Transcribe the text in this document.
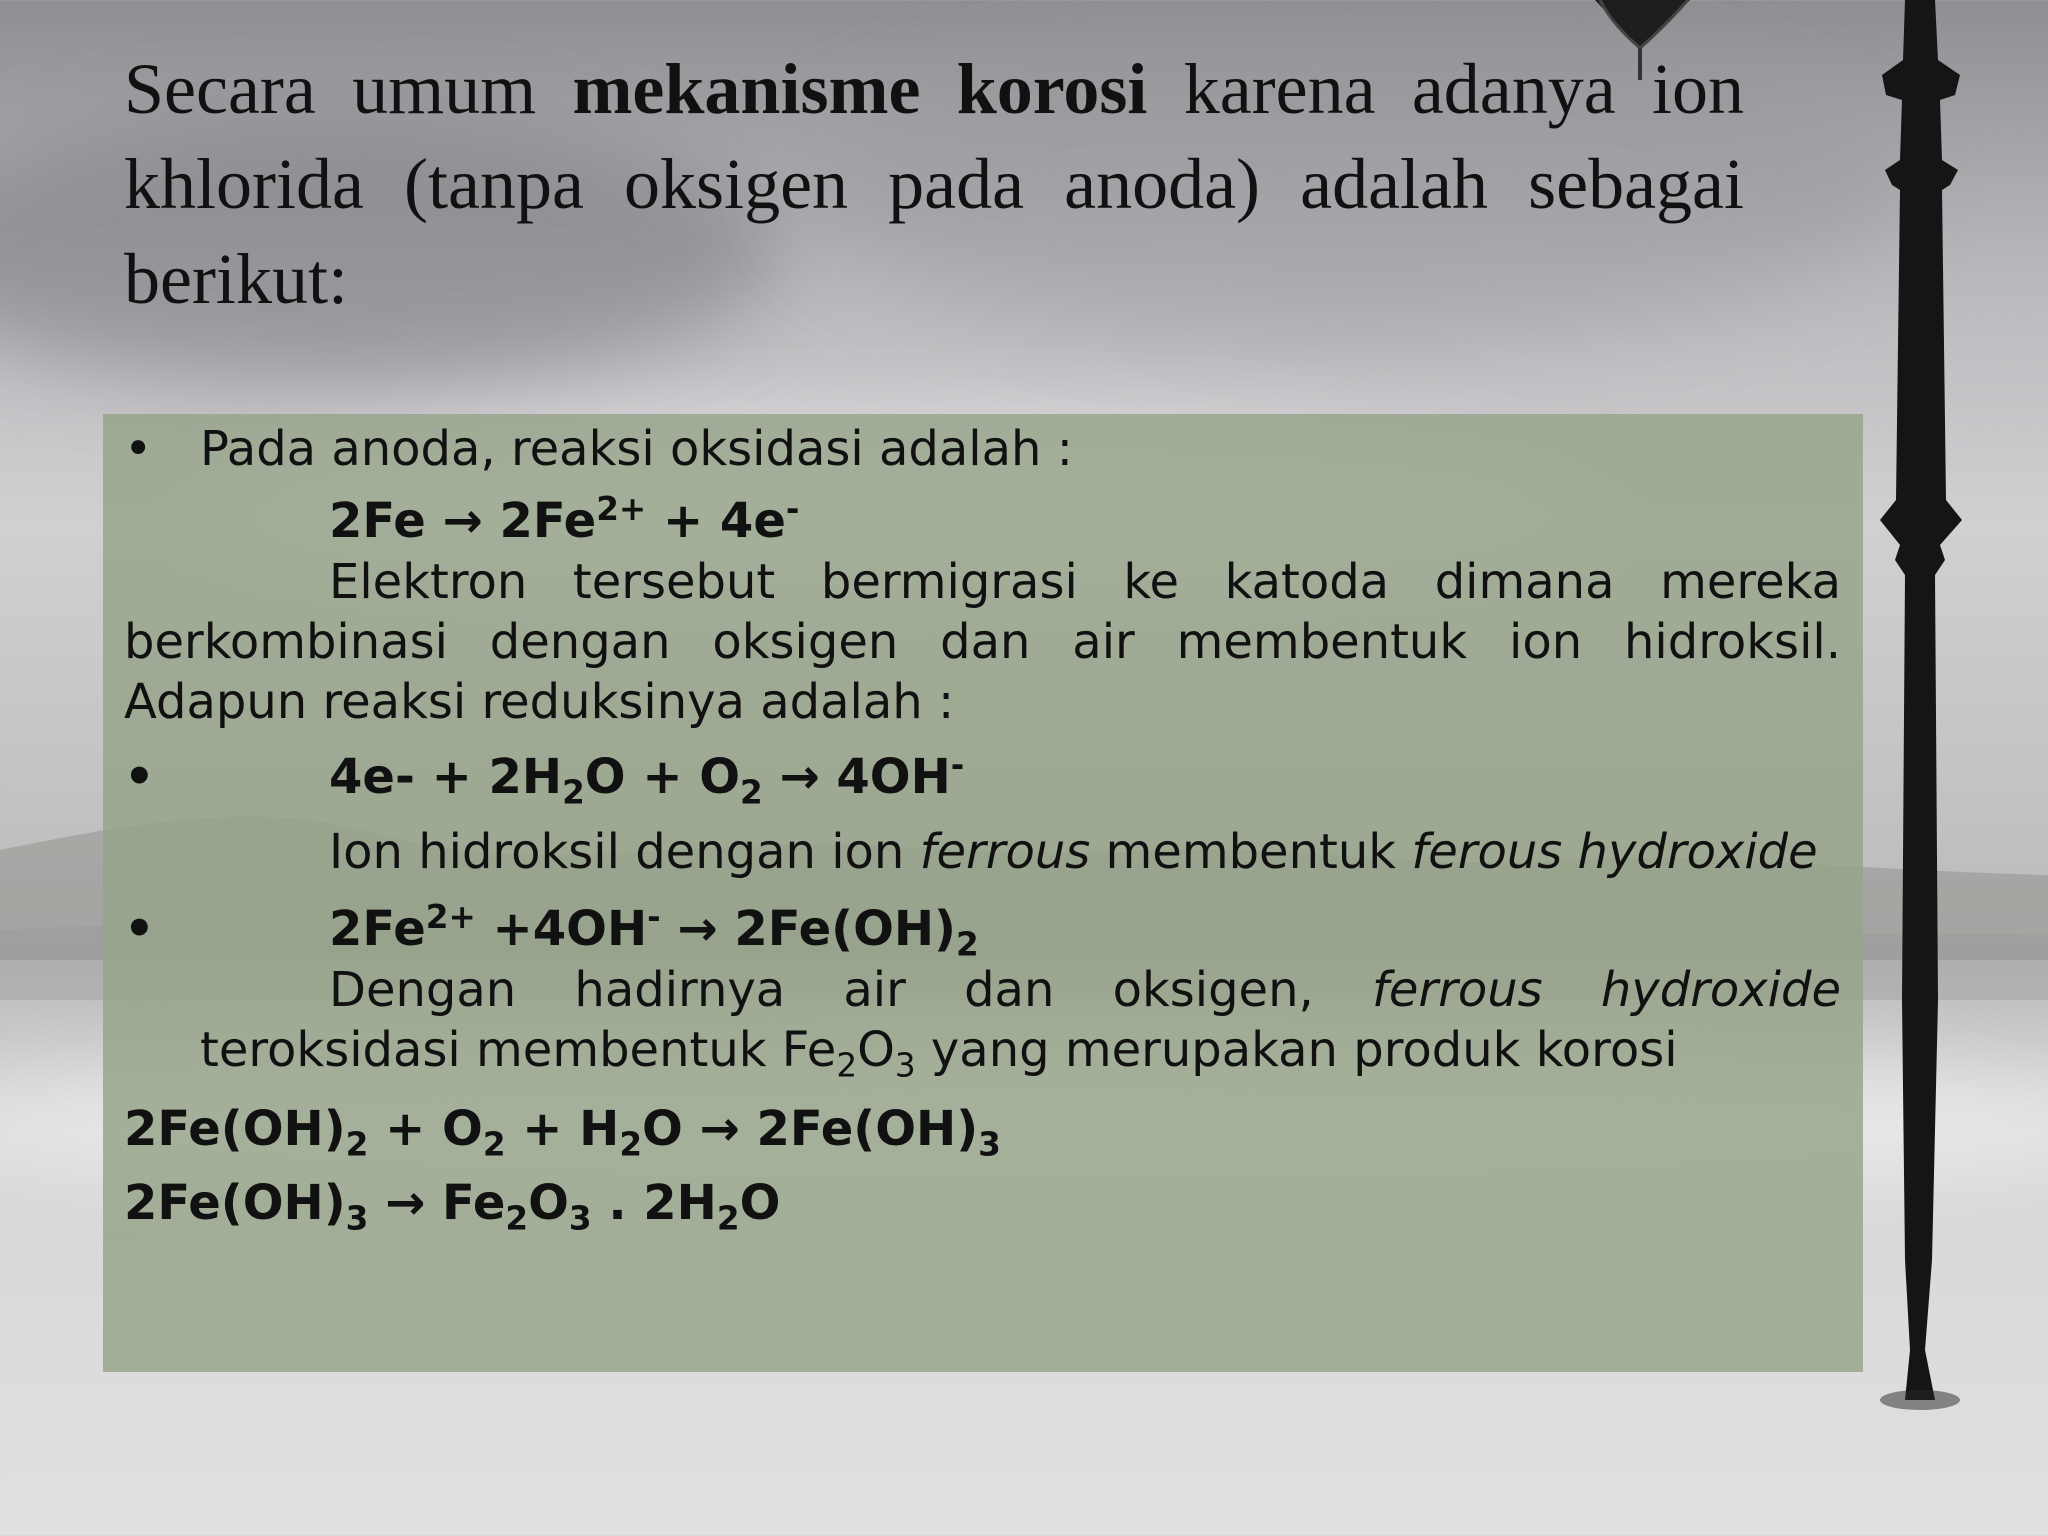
Secara umum mekanisme korosi karena adanya ion khlorida (tanpa oksigen pada anoda) adalah sebagai berikut:
• Pada anoda, reaksi oksidasi adalah :
$2Fe \to 2Fe^{2+} + 4e^-$
Elektron tersebut bermigrasi ke katoda dimana mereka berkombinasi dengan oksigen dan air membentuk ion hidroksil. Adapun reaksi reduksinya adalah :
•	$4e- + 2H_2O + O_2 \to 4OH^-$
Ion hidroksil dengan ion ferrous membentuk ferous hydroxide
•	$2Fe^{2+} +4OH^- \to 2Fe(OH)_2$
Dengan hadirnya air dan oksigen, ferrous hydroxide teroksidasi membentuk $Fe_2O_3$ yang merupakan produk korosi
$2Fe(OH)_2 + O_2 + H_2O \to 2Fe(OH)_3$
$2Fe(OH)_3 \to Fe_2O_3$ . $2H_2O$
